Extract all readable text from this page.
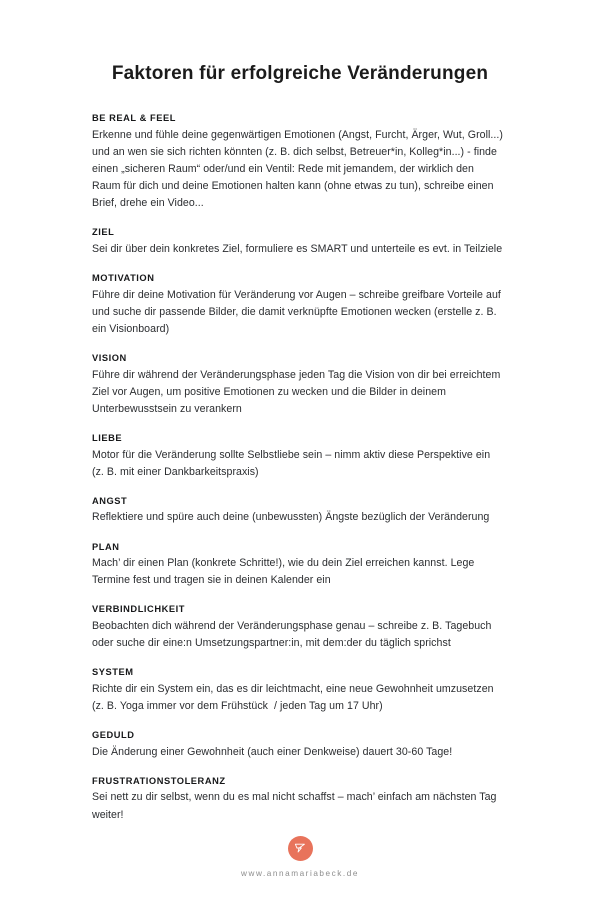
Faktoren für erfolgreiche Veränderungen
BE REAL & FEEL

Erkenne und fühle deine gegenwärtigen Emotionen (Angst, Furcht, Ärger, Wut, Groll...) und an wen sie sich richten könnten (z. B. dich selbst, Betreuer*in, Kolleg*in...) - finde einen „sicheren Raum“ oder/und ein Ventil: Rede mit jemandem, der wirklich den Raum für dich und deine Emotionen halten kann (ohne etwas zu tun), schreibe einen Brief, drehe ein Video...

ZIEL

Sei dir über dein konkretes Ziel, formuliere es SMART und unterteile es evt. in Teilziele

MOTIVATION

Führe dir deine Motivation für Veränderung vor Augen – schreibe greifbare Vorteile auf und suche dir passende Bilder, die damit verknüpfte Emotionen wecken (erstelle z. B. ein Visionboard)

VISION

Führe dir während der Veränderungsphase jeden Tag die Vision von dir bei erreichtem Ziel vor Augen, um positive Emotionen zu wecken und die Bilder in deinem Unterbewusstsein zu verankern

LIEBE

Motor für die Veränderung sollte Selbstliebe sein – nimm aktiv diese Perspektive ein (z. B. mit einer Dankbarkeitspraxis)

ANGST

Reflektiere und spüre auch deine (unbewussten) Ängste bezüglich der Veränderung

PLAN

Mach’ dir einen Plan (konkrete Schritte!), wie du dein Ziel erreichen kannst. Lege Termine fest und tragen sie in deinen Kalender ein

VERBINDLICHKEIT

Beobachten dich während der Veränderungsphase genau – schreibe z. B. Tagebuch oder suche dir eine:n Umsetzungspartner:in, mit dem:der du täglich sprichst

SYSTEM

Richte dir ein System ein, das es dir leichtmacht, eine neue Gewohnheit umzusetzen (z. B. Yoga immer vor dem Frühstück  / jeden Tag um 17 Uhr)

GEDULD

Die Änderung einer Gewohnheit (auch einer Denkweise) dauert 30-60 Tage!

FRUSTRATIONSTOLERANZ

Sei nett zu dir selbst, wenn du es mal nicht schaffst – mach’ einfach am nächsten Tag weiter!

www.annamariabeck.de
